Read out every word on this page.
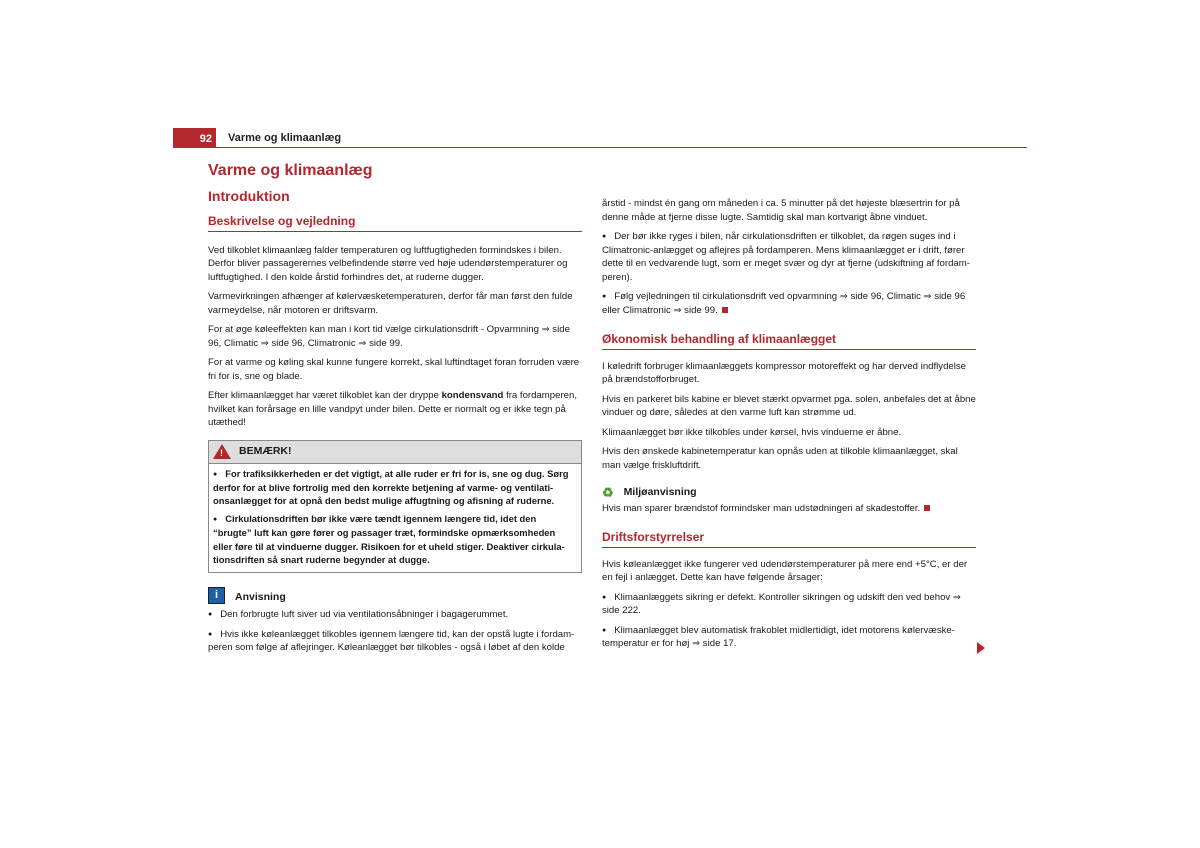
92	Varme og klimaanlæg
Varme og klimaanlæg
Introduktion
Beskrivelse og vejledning

Ved tilkoblet klimaanlæg falder temperaturen og luftfugtigheden formindskes i bilen. Derfor bliver passagerernes velbefindende større ved høje udendørstemperaturer og luftfugtighed. I den kolde årstid forhindres det, at ruderne dugger.

Varmevirkningen afhænger af kølervæsketemperaturen, derfor får man først den fulde varmeydelse, når motoren er driftsvarm.

For at øge køleeffekten kan man i kort tid vælge cirkulationsdrift - Opvarmning ⇒ side 96, Climatic ⇒ side 96, Climatronic ⇒ side 99.

For at varme og køling skal kunne fungere korrekt, skal luftindtaget foran forruden være fri for is, sne og blade.

Efter klimaanlægget har været tilkoblet kan der dryppe kondensvand fra fordamperen, hvilket kan forårsage en lille vandpyt under bilen. Dette er normalt og er ikke tegn på utæthed!

! BEMÆRK!

● For trafiksikkerheden er det vigtigt, at alle ruder er fri for is, sne og dug. Sørg derfor for at blive fortrolig med den korrekte betjening af varme- og ventilationsanlægget for at opnå den bedst mulige affugtning og afisning af ruderne.

● Cirkulationsdriften bør ikke være tændt igennem længere tid, idet den “brugte” luft kan gøre fører og passager træt, formindske opmærksomheden eller føre til at vinduerne dugger. Risikoen for et uheld stiger. Deaktiver cirkulationsdriften så snart ruderne begynder at dugge.

i	Anvisning

● Den forbrugte luft siver ud via ventilationsåbninger i bagagerummet.

● Hvis ikke køleanlægget tilkobles igennem længere tid, kan der opstå lugte i fordamperen som følge af aflejringer. Køleanlægget bør tilkobles - også i løbet af den kolde

årstid - mindst én gang om måneden i ca. 5 minutter på det højeste blæsertrin for på denne måde at fjerne disse lugte. Samtidig skal man kortvarigt åbne vinduet.

● Der bør ikke ryges i bilen, når cirkulationsdriften er tilkoblet, da røgen suges ind i Climatronic-anlægget og aflejres på fordamperen. Mens klimaanlægget er i drift, fører dette til en vedvarende lugt, som er meget svær og dyr at fjerne (udskiftning af fordamperen).

● Følg vejledningen til cirkulationsdrift ved opvarmning ⇒ side 96, Climatic ⇒ side 96 eller Climatronic ⇒ side 99.

Økonomisk behandling af klimaanlægget

I køledrift forbruger klimaanlæggets kompressor motoreffekt og har derved indflydelse på brændstofforbruget.

Hvis en parkeret bils kabine er blevet stærkt opvarmet pga. solen, anbefales det at åbne vinduer og døre, således at den varme luft kan strømme ud.

Klimaanlægget bør ikke tilkobles under kørsel, hvis vinduerne er åbne.

Hvis den ønskede kabinetemperatur kan opnås uden at tilkoble klimaanlægget, skal man vælge friskluftdrift.

♻ Miljøanvisning

Hvis man sparer brændstof formindsker man udstødningen af skadestoffer.

Driftsforstyrrelser

Hvis køleanlægget ikke fungerer ved udendørstemperaturer på mere end +5°C, er der en fejl i anlægget. Dette kan have følgende årsager:

● Klimaanlæggets sikring er defekt. Kontroller sikringen og udskift den ved behov ⇒ side 222.

● Klimaanlægget blev automatisk frakoblet midlertidigt, idet motorens kølervæsketemperatur er for høj ⇒ side 17.
